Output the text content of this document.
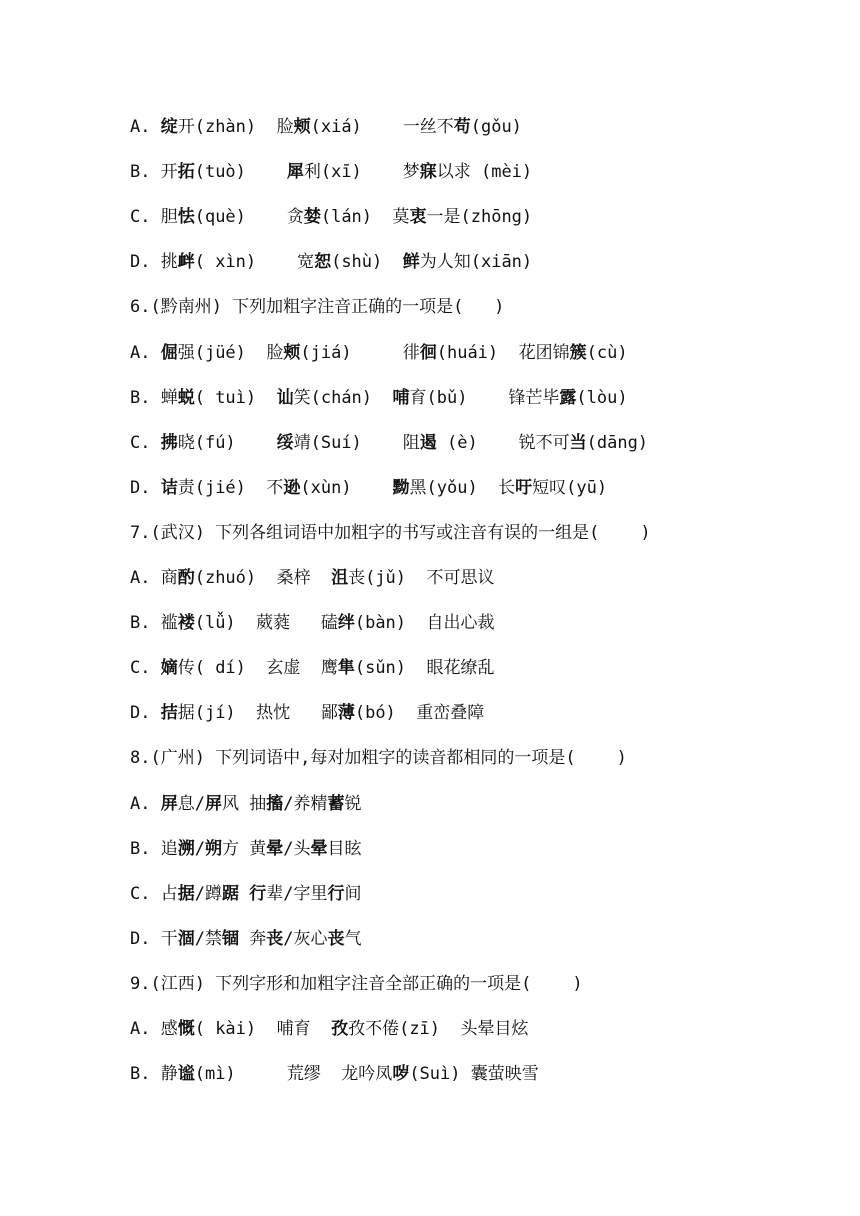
A. 绽开(zhàn)  脸颊(xiá)    一丝不苟(gǒu)
B. 开拓(tuò)    犀利(xī)    梦寐以求 (mèi)
C. 胆怯(què)    贪婪(lán)  莫衷一是(zhōng)
D. 挑衅( xìn)    宽恕(shù)  鲜为人知(xiān)
6.(黔南州) 下列加粗字注音正确的一项是(   )
A. 倔强(jüé)  脸颊(jiá)     徘徊(huái)  花团锦簇(cù)
B. 蝉蜕( tuì)  讪笑(chán)  哺育(bǔ)    锋芒毕露(lòu)
C. 拂晓(fú)    绥靖(Suí)    阻遏 (è)    锐不可当(dāng)
D. 诘责(jié)  不逊(xùn)    黝黑(yǒu)  长吁短叹(yū)
7.(武汉) 下列各组词语中加粗字的书写或注音有误的一组是(    )
A. 商酌(zhuó)  桑梓  沮丧(jǔ)  不可思议
B. 褴褛(lǚ)  葳蕤   磕绊(bàn)  自出心裁
C. 嫡传( dí)  玄虚  鹰隼(sǔn)  眼花缭乱
D. 拮据(jí)  热忱   鄙薄(bó)  重峦叠障
8.(广州) 下列词语中,每对加粗字的读音都相同的一项是(    )
A. 屏息/屏风 抽搐/养精蓄锐
B. 追溯/朔方 黄晕/头晕目眩
C. 占据/蹲踞 行辈/字里行间
D. 干涸/禁锢 奔丧/灰心丧气
9.(江西) 下列字形和加粗字注音全部正确的一项是(    )
A. 感慨( kài)  哺育  孜孜不倦(zī)  头晕目炫
B. 静谧(mì)     荒缪  龙吟凤哕(Suì) 囊萤映雪
